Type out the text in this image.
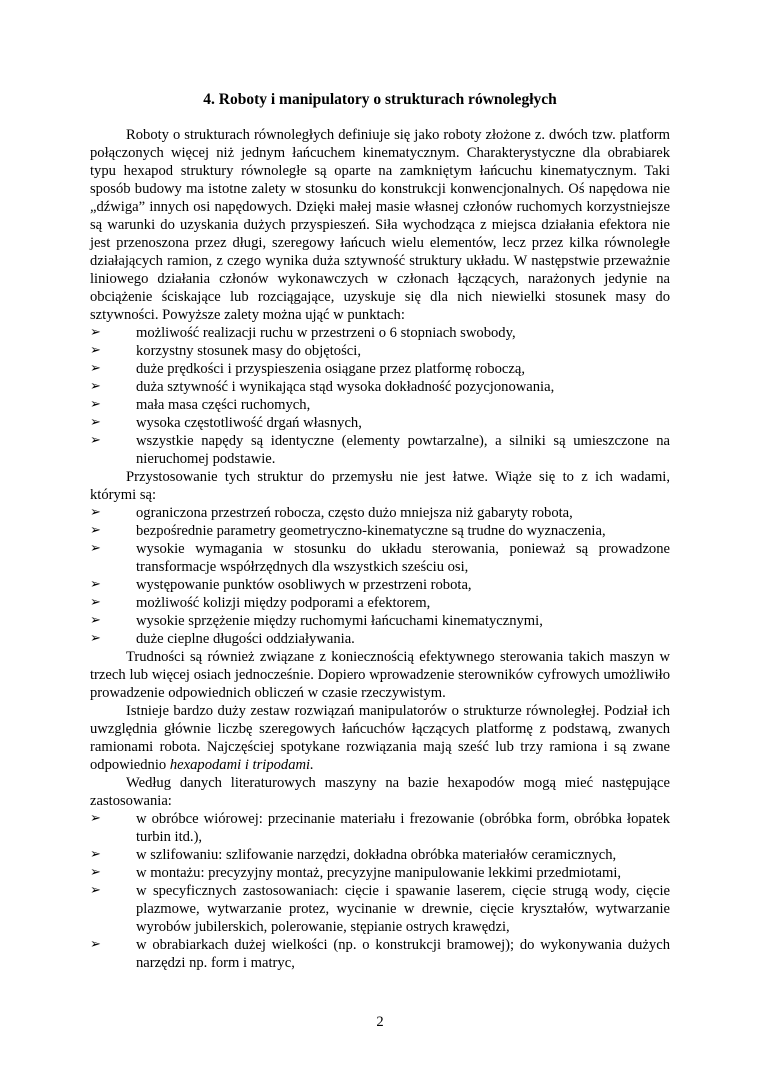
4. Roboty i manipulatory o strukturach równoległych

Roboty o strukturach równoległych definiuje się jako roboty złożone z. dwóch tzw. platform połączonych więcej niż jednym łańcuchem kinematycznym. Charakterystyczne dla obrabiarek typu hexapod struktury równoległe są oparte na zamkniętym łańcuchu kinematycznym. Taki sposób budowy ma istotne zalety w stosunku do konstrukcji konwencjonalnych. Oś napędowa nie „dźwiga” innych osi napędowych. Dzięki małej masie własnej członów ruchomych korzystniejsze są warunki do uzyskania dużych przyspieszeń. Siła wychodząca z miejsca działania efektora nie jest przenoszona przez długi, szeregowy łańcuch wielu elementów, lecz przez kilka równoległe działających ramion, z czego wynika duża sztywność struktury układu. W następstwie przeważnie liniowego działania członów wykonawczych w członach łączących, narażonych jedynie na obciążenie ściskające lub rozciągające, uzyskuje się dla nich niewielki stosunek masy do sztywności. Powyższe zalety można ująć w punktach:

➢	możliwość realizacji ruchu w przestrzeni o 6 stopniach swobody,
➢	korzystny stosunek masy do objętości,
➢	duże prędkości i przyspieszenia osiągane przez platformę roboczą,
➢	duża sztywność i wynikająca stąd wysoka dokładność pozycjonowania,
➢	mała masa części ruchomych,
➢	wysoka częstotliwość drgań własnych,
➢	wszystkie napędy są identyczne (elementy powtarzalne), a silniki są umieszczone na nieruchomej podstawie.

Przystosowanie tych struktur do przemysłu nie jest łatwe. Wiąże się to z ich wadami, którymi są:

➢	ograniczona przestrzeń robocza, często dużo mniejsza niż gabaryty robota,
➢	bezpośrednie parametry geometryczno-kinematyczne są trudne do wyznaczenia,
➢	wysokie wymagania w stosunku do układu sterowania, ponieważ są prowadzone transformacje współrzędnych dla wszystkich sześciu osi,
➢	występowanie punktów osobliwych w przestrzeni robota,
➢	możliwość kolizji między podporami a efektorem,
➢	wysokie sprzężenie między ruchomymi łańcuchami kinematycznymi,
➢	duże cieplne długości oddziaływania.

Trudności są również związane z koniecznością efektywnego sterowania takich maszyn w trzech lub więcej osiach jednocześnie. Dopiero wprowadzenie sterowników cyfrowych umożliwiło prowadzenie odpowiednich obliczeń w czasie rzeczywistym.

Istnieje bardzo duży zestaw rozwiązań manipulatorów o strukturze równoległej. Podział ich uwzględnia głównie liczbę szeregowych łańcuchów łączących platformę z podstawą, zwanych ramionami robota. Najczęściej spotykane rozwiązania mają sześć lub trzy ramiona i są zwane odpowiednio hexapodami i tripodami.

Według danych literaturowych maszyny na bazie hexapodów mogą mieć następujące zastosowania:

➢	w obróbce wiórowej: przecinanie materiału i frezowanie (obróbka form, obróbka łopatek turbin itd.),
➢	w szlifowaniu: szlifowanie narzędzi, dokładna obróbka materiałów ceramicznych,
➢	w montażu: precyzyjny montaż, precyzyjne manipulowanie lekkimi przedmiotami,
➢	w specyficznych zastosowaniach: cięcie i spawanie laserem, cięcie strugą wody, cięcie plazmowe, wytwarzanie protez, wycinanie w drewnie, cięcie kryształów, wytwarzanie wyrobów jubilerskich, polerowanie, stępianie ostrych krawędzi,
➢	w obrabiarkach dużej wielkości (np. o konstrukcji bramowej); do wykonywania dużych narzędzi np. form i matryc,
2
